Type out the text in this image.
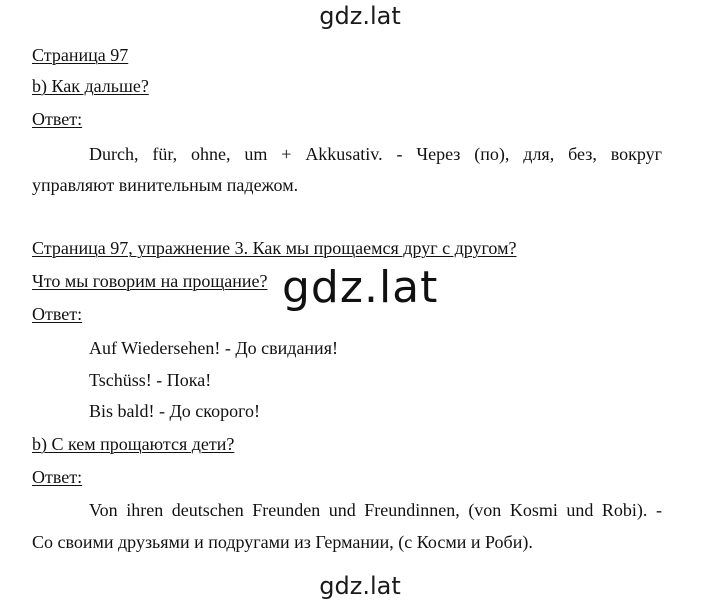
gdz.lat
Страница 97
b) Как дальше?
Ответ:
Durch, für, ohne, um + Akkusativ. - Через (по), для, без, вокруг
управляют винительным падежом.
Страница 97, упражнение 3. Как мы прощаемся друг с другом?
Что мы говорим на прощание?
Ответ:
Auf Wiedersehen! - До свидания!
Tschüss! - Пока!
Bis bald! - До скорого!
gdz.lat
b) С кем прощаются дети?
Ответ:
Von ihren deutschen Freunden und Freundinnen, (von Kosmi und Robi). -
Со своими друзьями и подругами из Германии, (с Косми и Роби).
gdz.lat
